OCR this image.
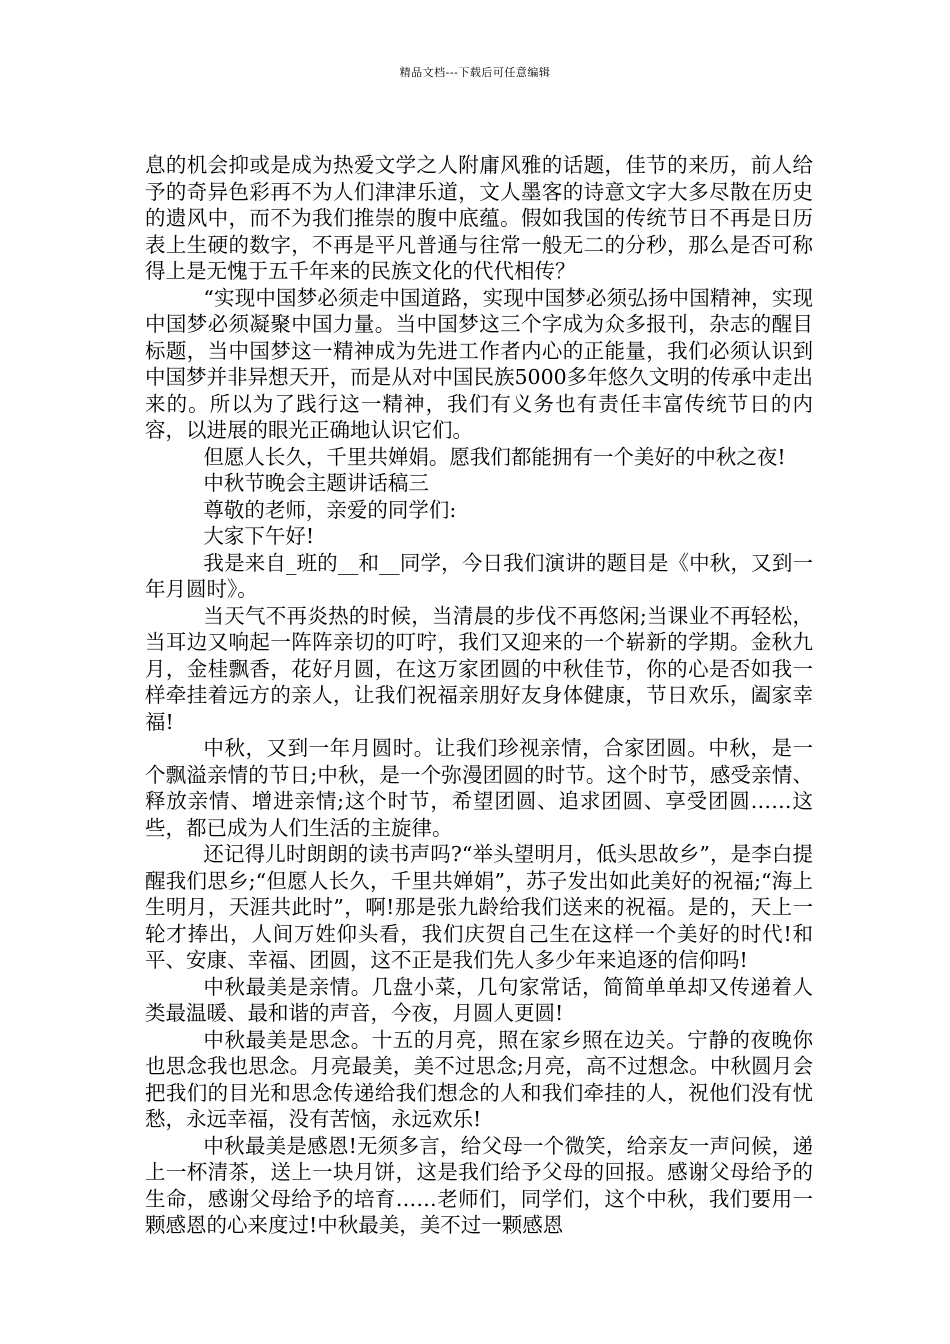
精品文档---下载后可任意编辑

息的机会抑或是成为热爱文学之人附庸风雅的话题，佳节的来历，前人给予的奇异色彩再不为人们津津乐道，文人墨客的诗意文字大多尽散在历史的遗风中，而不为我们推崇的腹中底蕴。假如我国的传统节日不再是日历表上生硬的数字，不再是平凡普通与往常一般无二的分秒，那么是否可称得上是无愧于五千年来的民族文化的代代相传？

“实现中国梦必须走中国道路，实现中国梦必须弘扬中国精神，实现中国梦必须凝聚中国力量。当中国梦这三个字成为众多报刊，杂志的醒目标题，当中国梦这一精神成为先进工作者内心的正能量，我们必须认识到中国梦并非异想天开，而是从对中国民族5000多年悠久文明的传承中走出来的。所以为了践行这一精神，我们有义务也有责任丰富传统节日的内容，以进展的眼光正确地认识它们。

但愿人长久，千里共婵娟。愿我们都能拥有一个美好的中秋之夜!

中秋节晚会主题讲话稿三

尊敬的老师，亲爱的同学们:

大家下午好!

我是来自_班的__和__同学，今日我们演讲的题目是《中秋，又到一年月圆时》。

当天气不再炎热的时候，当清晨的步伐不再悠闲;当课业不再轻松，当耳边又响起一阵阵亲切的叮咛，我们又迎来的一个崭新的学期。金秋九月，金桂飘香，花好月圆，在这万家团圆的中秋佳节，你的心是否如我一样牵挂着远方的亲人，让我们祝福亲朋好友身体健康，节日欢乐，阖家幸福!

中秋，又到一年月圆时。让我们珍视亲情，合家团圆。中秋，是一个飘溢亲情的节日;中秋，是一个弥漫团圆的时节。这个时节，感受亲情、释放亲情、增进亲情;这个时节，希望团圆、追求团圆、享受团圆……这些，都已成为人们生活的主旋律。

还记得儿时朗朗的读书声吗?“举头望明月，低头思故乡”，是李白提醒我们思乡;“但愿人长久，千里共婵娟”，苏子发出如此美好的祝福;“海上生明月，天涯共此时”，啊!那是张九龄给我们送来的祝福。是的，天上一轮才捧出，人间万姓仰头看，我们庆贺自己生在这样一个美好的时代!和平、安康、幸福、团圆，这不正是我们先人多少年来追逐的信仰吗!

中秋最美是亲情。几盘小菜，几句家常话，简简单单却又传递着人类最温暖、最和谐的声音，今夜，月圆人更圆!

中秋最美是思念。十五的月亮，照在家乡照在边关。宁静的夜晚你也思念我也思念。月亮最美，美不过思念;月亮，高不过想念。中秋圆月会把我们的目光和思念传递给我们想念的人和我们牵挂的人，祝他们没有忧愁，永远幸福，没有苦恼，永远欢乐!

中秋最美是感恩!无须多言，给父母一个微笑，给亲友一声问候，递上一杯清茶，送上一块月饼，这是我们给予父母的回报。感谢父母给予的生命，感谢父母给予的培育……老师们，同学们，这个中秋，我们要用一颗感恩的心来度过!中秋最美，美不过一颗感恩
